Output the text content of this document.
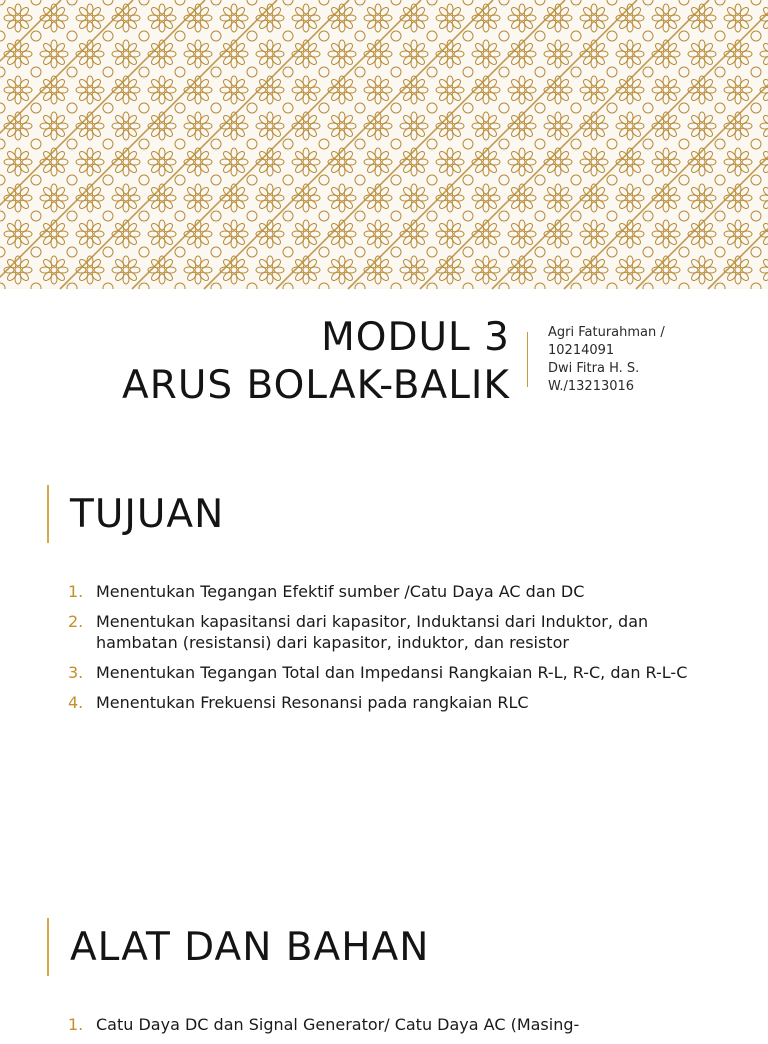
MODUL 3
ARUS BOLAK-BALIK
Agri Faturahman /
10214091
Dwi Fitra H. S.
W./13213016
TUJUAN
1. Menentukan Tegangan Efektif sumber /Catu Daya AC dan DC
2. Menentukan kapasitansi dari kapasitor, Induktansi dari Induktor, dan hambatan (resistansi) dari kapasitor, induktor, dan resistor
3. Menentukan Tegangan Total dan Impedansi Rangkaian R-L, R-C, dan R-L-C
4. Menentukan Frekuensi Resonansi pada rangkaian RLC
ALAT DAN BAHAN
1. Catu Daya DC dan Signal Generator/ Catu Daya AC (Masing-
